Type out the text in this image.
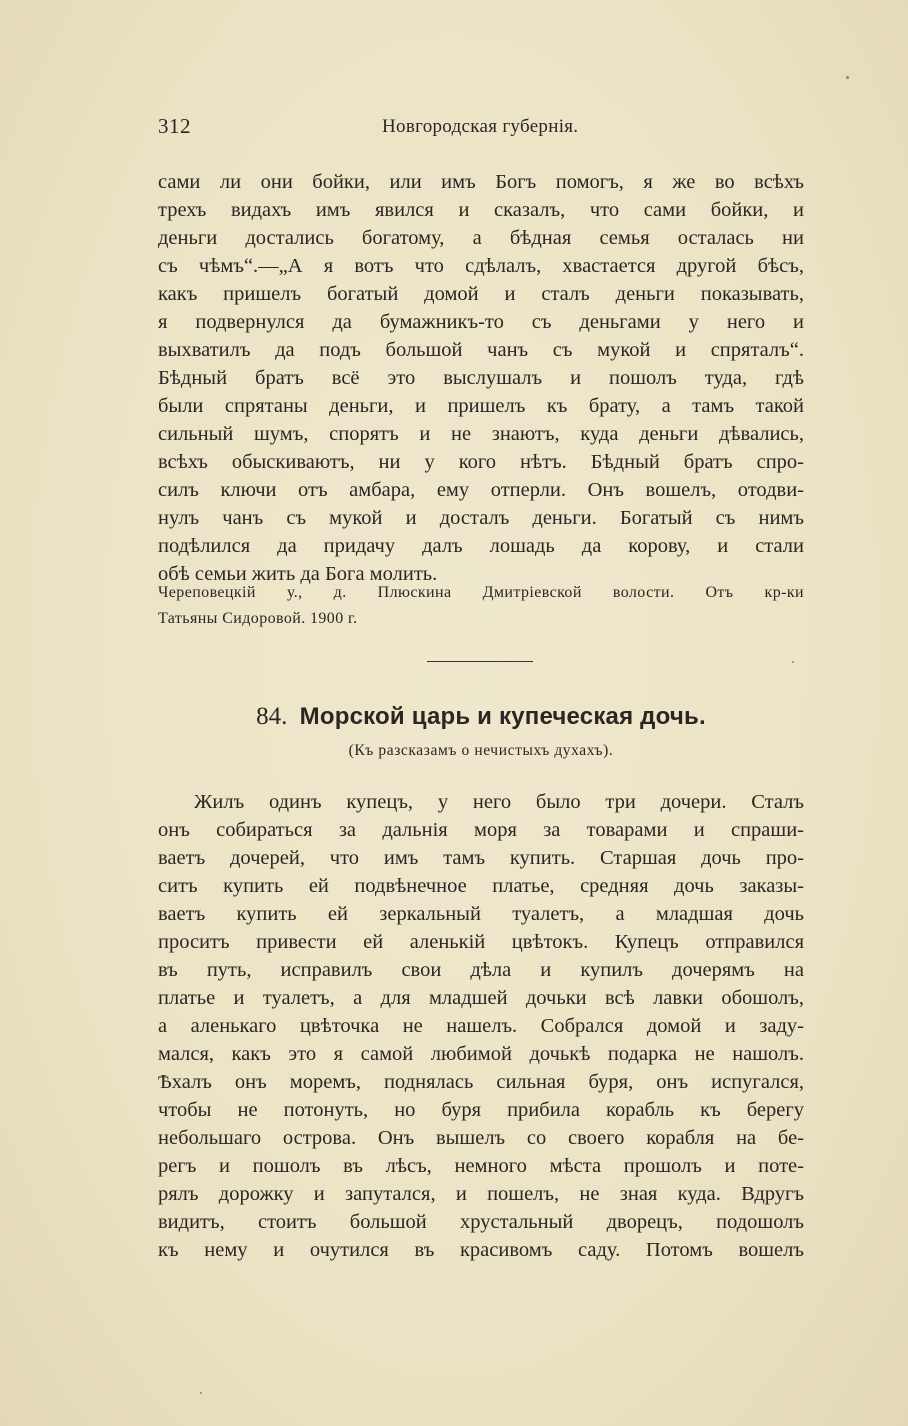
312	Новгородская губернія.
сами ли они бойки, или имъ Богъ помогъ, я же во всѣхъ
трехъ видахъ имъ явился и сказалъ, что сами бойки, и
деньги достались богатому, а бѣдная семья осталась ни
съ чѣмъ“.—„А я вотъ что сдѣлалъ, хвастается другой бѣсъ,
какъ пришелъ богатый домой и сталъ деньги показывать,
я подвернулся да бумажникъ-то съ деньгами у него и
выхватилъ да подъ большой чанъ съ мукой и спряталъ“.
Бѣдный братъ всё это выслушалъ и пошолъ туда, гдѣ
были спрятаны деньги, и пришелъ къ брату, а тамъ такой
сильный шумъ, спорятъ и не знаютъ, куда деньги дѣвались,
всѣхъ обыскиваютъ, ни у кого нѣтъ. Бѣдный братъ спро-
силъ ключи отъ амбара, ему отперли. Онъ вошелъ, отодви-
нулъ чанъ съ мукой и досталъ деньги. Богатый съ нимъ
подѣлился да придачу далъ лошадь да корову, и стали
обѣ семьи жить да Бога молить.
Череповецкій у., д. Плюскина Дмитріевской волости. Отъ кр-ки
Татьяны Сидоровой. 1900 г.
84. Морской царь и купеческая дочь.
(Къ разсказамъ о нечистыхъ духахъ).
Жилъ одинъ купецъ, у него было три дочери. Сталъ
онъ собираться за дальнія моря за товарами и спраши-
ваетъ дочерей, что имъ тамъ купить. Старшая дочь про-
ситъ купить ей подвѣнечное платье, средняя дочь заказы-
ваетъ купить ей зеркальный туалетъ, а младшая дочь
проситъ привести ей аленькій цвѣтокъ. Купецъ отправился
въ путь, исправилъ свои дѣла и купилъ дочерямъ на
платье и туалетъ, а для младшей дочьки всѣ лавки обошолъ,
а аленькаго цвѣточка не нашелъ. Собрался домой и заду-
мался, какъ это я самой любимой дочькѣ подарка не нашолъ.
Ѣхалъ онъ моремъ, поднялась сильная буря, онъ испугался,
чтобы не потонуть, но буря прибила корабль къ берегу
небольшаго острова. Онъ вышелъ со своего корабля на бе-
регъ и пошолъ въ лѣсъ, немного мѣста прошолъ и поте-
рялъ дорожку и запутался, и пошелъ, не зная куда. Вдругъ
видитъ, стоитъ большой хрустальный дворецъ, подошолъ
къ нему и очутился въ красивомъ саду. Потомъ вошелъ
